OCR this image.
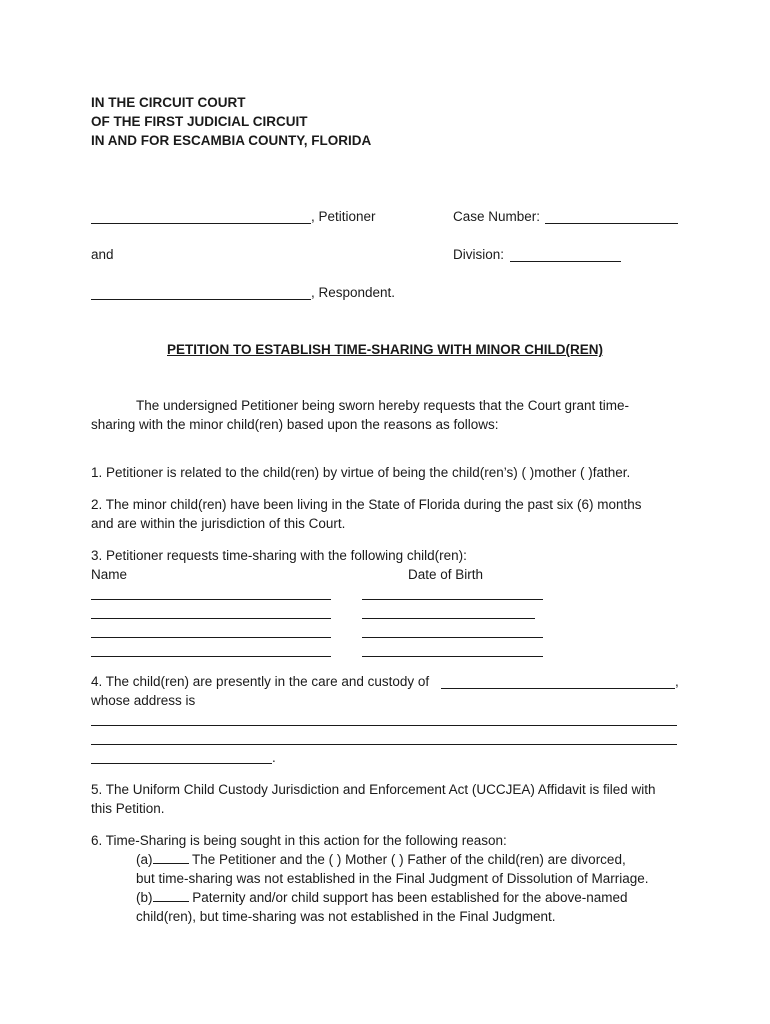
IN THE CIRCUIT COURT
OF THE FIRST JUDICIAL CIRCUIT
IN AND FOR ESCAMBIA COUNTY, FLORIDA
, Petitioner	Case Number:
and	Division:
, Respondent.
PETITION TO ESTABLISH TIME-SHARING WITH MINOR CHILD(REN)
The undersigned Petitioner being sworn hereby requests that the Court grant time-
sharing with the minor child(ren) based upon the reasons as follows:
1. Petitioner is related to the child(ren) by virtue of being the child(ren’s) ( )mother ( )father.
2. The minor child(ren) have been living in the State of Florida during the past six (6) months
and are within the jurisdiction of this Court.
3. Petitioner requests time-sharing with the following child(ren):
Name	Date of Birth
4. The child(ren) are presently in the care and custody of	,
whose address is
.
5. The Uniform Child Custody Jurisdiction and Enforcement Act (UCCJEA) Affidavit is filed with
this Petition.
6. Time-Sharing is being sought in this action for the following reason:
(a)	The Petitioner and the ( ) Mother ( ) Father of the child(ren) are divorced,
but time-sharing was not established in the Final Judgment of Dissolution of Marriage.
(b)	Paternity and/or child support has been established for the above-named
child(ren), but time-sharing was not established in the Final Judgment.
